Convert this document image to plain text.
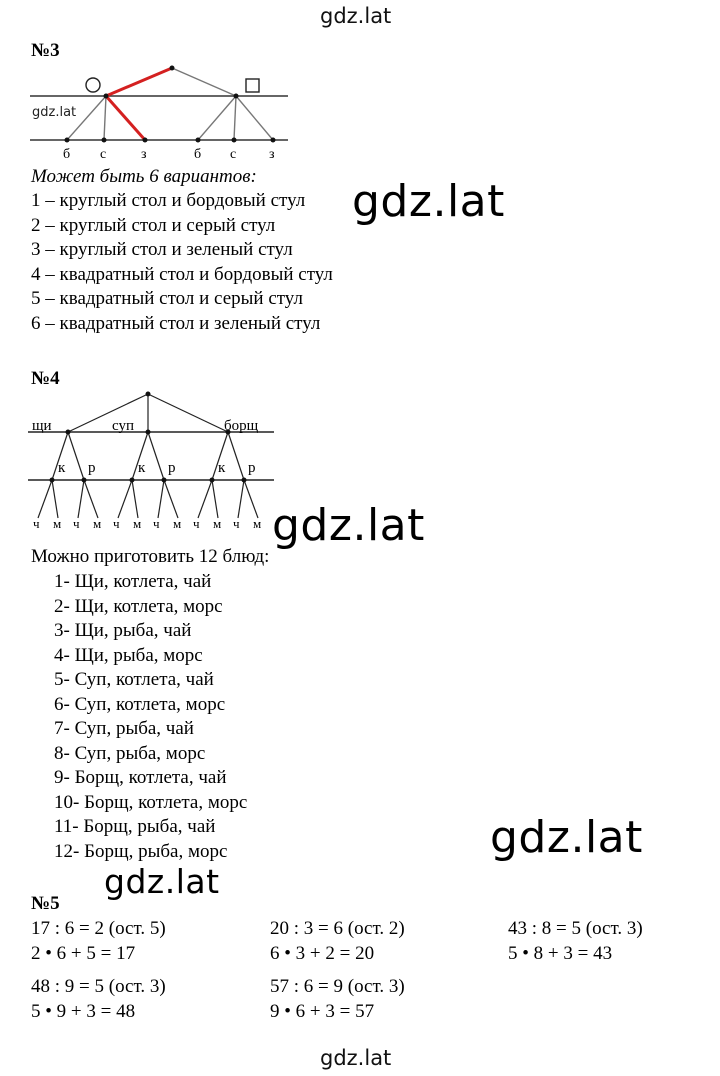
gdz.lat
gdz.lat
№3
gdz.lat
б с з	б с з
Может быть 6 вариантов:
1 – круглый стол и бордовый стул
2 – круглый стол и серый стул
3 – круглый стол и зеленый стул
4 – квадратный стол и бордовый стул
5 – квадратный стол и серый стул
6 – квадратный стол и зеленый стул
gdz.lat
№4
щи	суп	борщ
к р	к р	к р
ч м ч м ч м ч м ч м ч м gdz.lat
Можно приготовить 12 блюд:
1- Щи, котлета, чай
2- Щи, котлета, морс
3- Щи, рыба, чай
4- Щи, рыба, морс
5- Суп, котлета, чай
6- Суп, котлета, морс
7- Суп, рыба, чай
8- Суп, рыба, морс
9- Борщ, котлета, чай
10- Борщ, котлета, морс
11- Борщ, рыба, чай
12- Борщ, рыба, морс	gdz.lat
gdz.lat
№5
17 : 6 = 2 (ост. 5)
2 • 6 + 5 = 17
48 : 9 = 5 (ост. 3)
5 • 9 + 3 = 48
20 : 3 = 6 (ост. 2)
6 • 3 + 2 = 20
57 : 6 = 9 (ост. 3)
9 • 6 + 3 = 57
43 : 8 = 5 (ост. 3)
5 • 8 + 3 = 43
